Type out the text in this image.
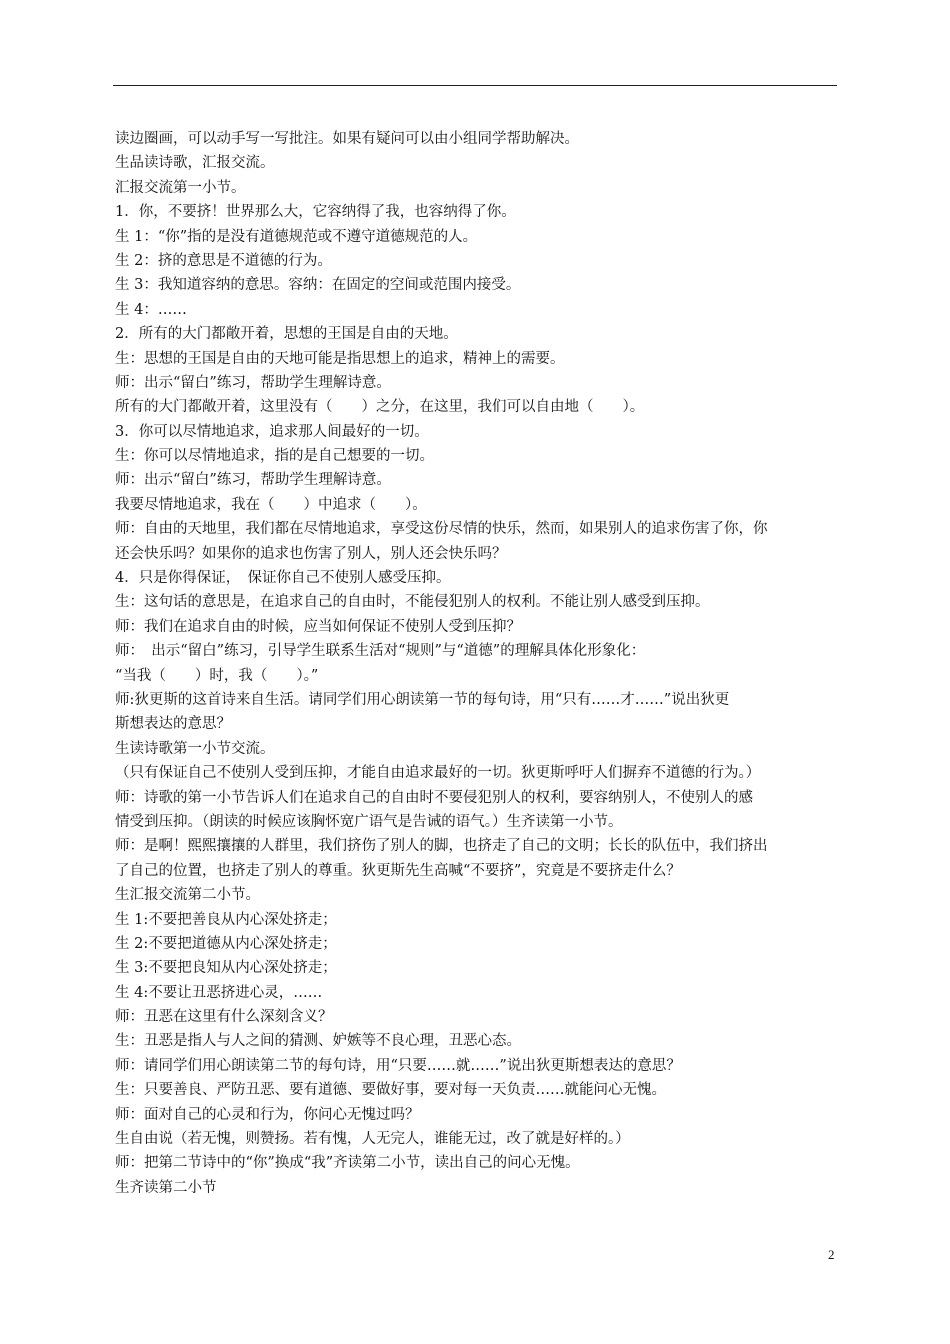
读边圈画，可以动手写一写批注。如果有疑问可以由小组同学帮助解决。
生品读诗歌，汇报交流。
汇报交流第一小节。
1．你，不要挤！世界那么大，它容纳得了我，也容纳得了你。
生 1：“你”指的是没有道德规范或不遵守道德规范的人。
生 2：挤的意思是不道德的行为。
生 3：我知道容纳的意思。容纳：在固定的空间或范围内接受。
生 4：……
2．所有的大门都敞开着，思想的王国是自由的天地。
生：思想的王国是自由的天地可能是指思想上的追求，精神上的需要。
师：出示“留白”练习，帮助学生理解诗意。
所有的大门都敞开着，这里没有（　　）之分，在这里，我们可以自由地（　　）。
3．你可以尽情地追求，追求那人间最好的一切。
生：你可以尽情地追求，指的是自己想要的一切。
师：出示“留白”练习，帮助学生理解诗意。
我要尽情地追求，我在（　　）中追求（　　）。
师：自由的天地里，我们都在尽情地追求，享受这份尽情的快乐，然而，如果别人的追求伤害了你，你
还会快乐吗？如果你的追求也伤害了别人，别人还会快乐吗？
4．只是你得保证，　保证你自己不使别人感受压抑。
生：这句话的意思是，在追求自己的自由时，不能侵犯别人的权利。不能让别人感受到压抑。
师：我们在追求自由的时候，应当如何保证不使别人受到压抑？
师：　出示“留白”练习，引导学生联系生活对“规则”与“道德”的理解具体化形象化：
“当我（　　）时，我（　　）。”
师:狄更斯的这首诗来自生活。请同学们用心朗读第一节的每句诗，用“只有……才……”说出狄更
斯想表达的意思？
生读诗歌第一小节交流。
（只有保证自己不使别人受到压抑，才能自由追求最好的一切。狄更斯呼吁人们摒弃不道德的行为。）
师：诗歌的第一小节告诉人们在追求自己的自由时不要侵犯别人的权利，要容纳别人，不使别人的感
情受到压抑。（朗读的时候应该胸怀宽广语气是告诫的语气。）生齐读第一小节。
师：是啊！熙熙攘攘的人群里，我们挤伤了别人的脚，也挤走了自己的文明；长长的队伍中，我们挤出
了自己的位置，也挤走了别人的尊重。狄更斯先生高喊“不要挤”，究竟是不要挤走什么？
生汇报交流第二小节。
生 1:不要把善良从内心深处挤走；
生 2:不要把道德从内心深处挤走；
生 3:不要把良知从内心深处挤走；
生 4:不要让丑恶挤进心灵，……
师：丑恶在这里有什么深刻含义？
生：丑恶是指人与人之间的猜测、妒嫉等不良心理，丑恶心态。
师：请同学们用心朗读第二节的每句诗，用“只要……就……”说出狄更斯想表达的意思？
生：只要善良、严防丑恶、要有道德、要做好事，要对每一天负责……就能问心无愧。
师：面对自己的心灵和行为，你问心无愧过吗？
生自由说（若无愧，则赞扬。若有愧，人无完人，谁能无过，改了就是好样的。）
师：把第二节诗中的“你”换成“我”齐读第二小节，读出自己的问心无愧。
生齐读第二小节
2
